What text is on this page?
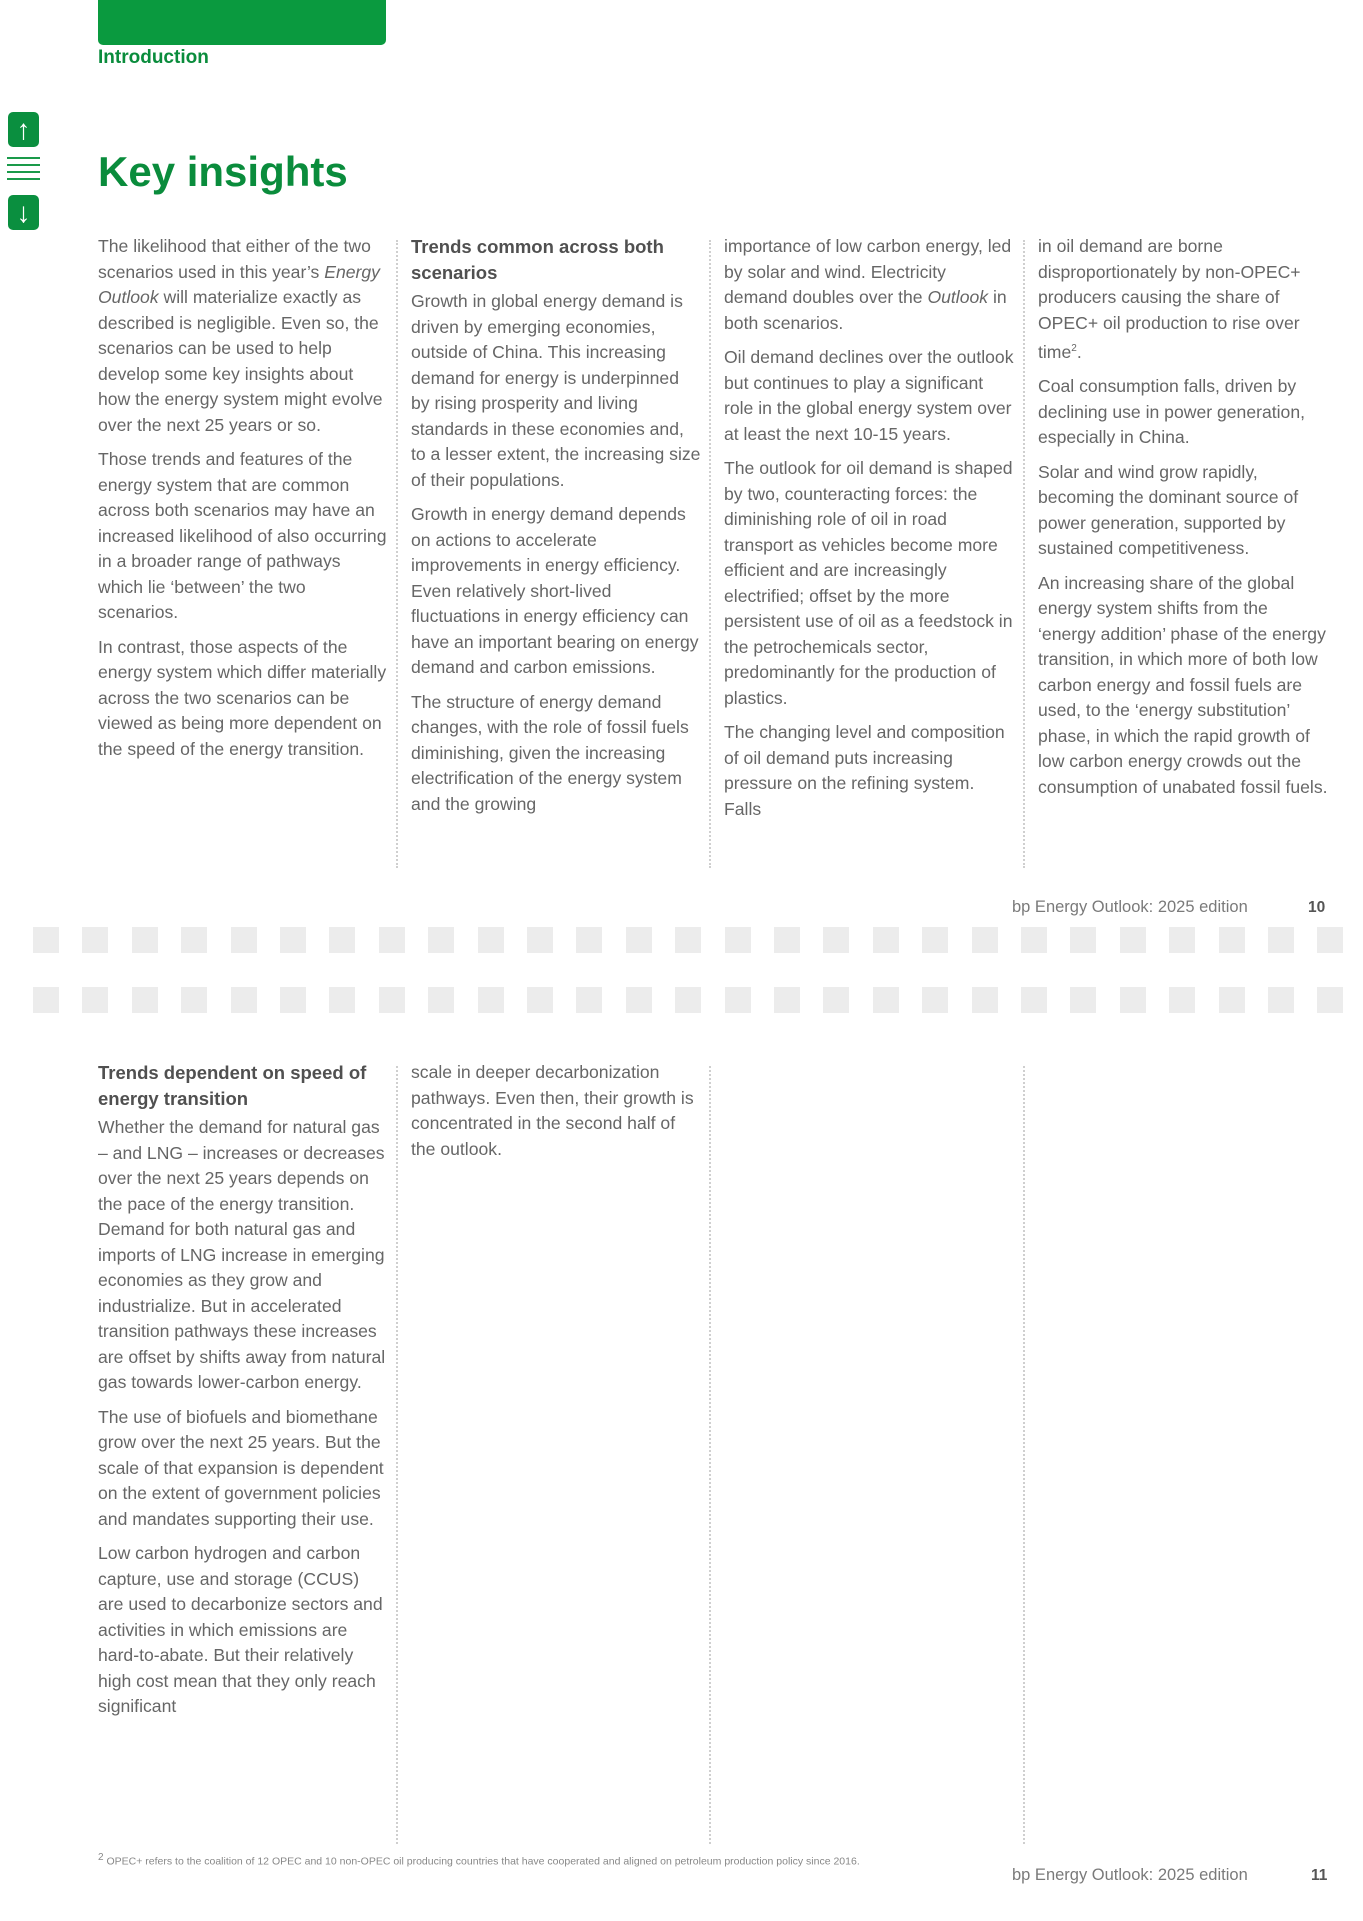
Introduction
↑
↓
Key insights

The likelihood that either of the two scenarios used in this year’s Energy Outlook will materialize exactly as described is negligible. Even so, the scenarios can be used to help develop some key insights about how the energy system might evolve over the next 25 years or so.

Those trends and features of the energy system that are common across both scenarios may have an increased likelihood of also occurring in a broader range of pathways which lie ‘between’ the two scenarios.

In contrast, those aspects of the energy system which differ materially across the two scenarios can be viewed as being more dependent on the speed of the energy transition.

Trends common across both scenarios

Growth in global energy demand is driven by emerging economies, outside of China. This increasing demand for energy is underpinned by rising prosperity and living standards in these economies and, to a lesser extent, the increasing size of their populations.

Growth in energy demand depends on actions to accelerate improvements in energy efficiency. Even relatively short-lived fluctuations in energy efficiency can have an important bearing on energy demand and carbon emissions.

The structure of energy demand changes, with the role of fossil fuels diminishing, given the increasing electrification of the energy system and the growing

importance of low carbon energy, led by solar and wind. Electricity demand doubles over the Outlook in both scenarios.

Oil demand declines over the outlook but continues to play a significant role in the global energy system over at least the next 10-15 years.

The outlook for oil demand is shaped by two, counteracting forces: the diminishing role of oil in road transport as vehicles become more efficient and are increasingly electrified; offset by the more persistent use of oil as a feedstock in the petrochemicals sector, predominantly for the production of plastics.

The changing level and composition of oil demand puts increasing pressure on the refining system. Falls

in oil demand are borne disproportionately by non-OPEC+ producers causing the share of OPEC+ oil production to rise over time$^2$.

Coal consumption falls, driven by declining use in power generation, especially in China.

Solar and wind grow rapidly, becoming the dominant source of power generation, supported by sustained competitiveness.

An increasing share of the global energy system shifts from the ‘energy addition’ phase of the energy transition, in which more of both low carbon energy and fossil fuels are used, to the ‘energy substitution’ phase, in which the rapid growth of low carbon energy crowds out the consumption of unabated fossil fuels.

bp Energy Outlook: 2025 edition	10
Trends dependent on speed of energy transition

Whether the demand for natural gas – and LNG – increases or decreases over the next 25 years depends on the pace of the energy transition. Demand for both natural gas and imports of LNG increase in emerging economies as they grow and industrialize. But in accelerated transition pathways these increases are offset by shifts away from natural gas towards lower-carbon energy.

The use of biofuels and biomethane grow over the next 25 years. But the scale of that expansion is dependent on the extent of government policies and mandates supporting their use.

Low carbon hydrogen and carbon capture, use and storage (CCUS) are used to decarbonize sectors and activities in which emissions are hard-to-abate. But their relatively high cost mean that they only reach significant

scale in deeper decarbonization pathways. Even then, their growth is concentrated in the second half of the outlook.

$^2$ OPEC+ refers to the coalition of 12 OPEC and 10 non-OPEC oil producing countries that have cooperated and aligned on petroleum production policy since 2016.
bp Energy Outlook: 2025 edition	11
